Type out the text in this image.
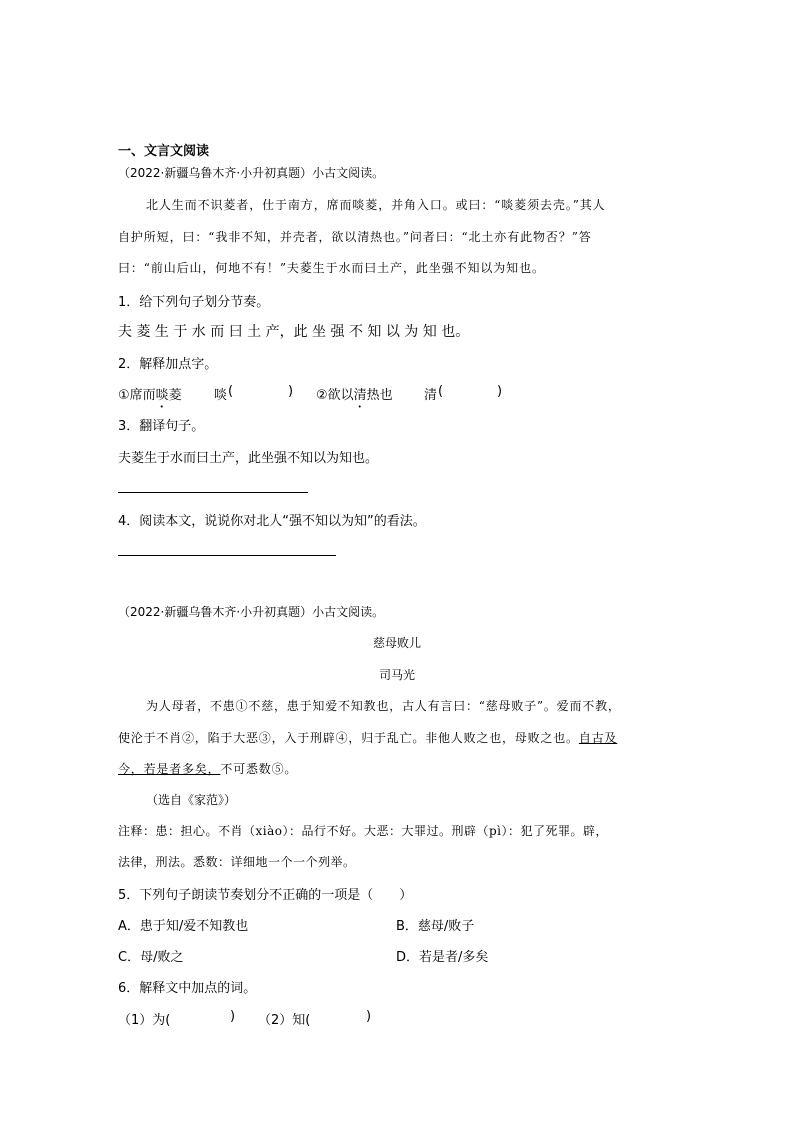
一、文言文阅读
（2022·新疆乌鲁木齐·小升初真题）小古文阅读。
北人生而不识菱者，仕于南方，席而啖菱，并角入口。或曰：“啖菱须去壳。”其人
自护所短，曰：“我非不知，并壳者，欲以清热也。”问者曰：“北土亦有此物否？”答
曰：“前山后山，何地不有！”夫菱生于水而曰土产，此坐强不知以为知也。
1．给下列句子划分节奏。
夫 菱 生 于 水 而 曰 土 产，此 坐 强 不 知 以 为 知 也。
2．解释加点字。
①席而啖菱 啖 (	) ②欲以清热也 清 (	)
3．翻译句子。
夫菱生于水而曰土产，此坐强不知以为知也。
4．阅读本文，说说你对北人“强不知以为知”的看法。
（2022·新疆乌鲁木齐·小升初真题）小古文阅读。
慈母败儿
司马光
为人母者，不患①不慈，患于知爱不知教也，古人有言曰：“慈母败子”。爱而不教，
使沦于不肖②，陷于大恶③，入于刑辟④，归于乱亡。非他人败之也，母败之也。自古及
今，若是者多矣，不可悉数⑤。
（选自《家范》）
注释：患：担心。不肖（xiào）：品行不好。大恶：大罪过。刑辟（pì）：犯了死罪。辟，
法律，刑法。悉数：详细地一个一个列举。
5．下列句子朗读节奏划分不正确的一项是（　　）
A．患于知/爱不知教也	B．慈母/败子
C．母/败之	D．若是者/多矣
6．解释文中加点的词。
（1）为(	) （2）知(	)
